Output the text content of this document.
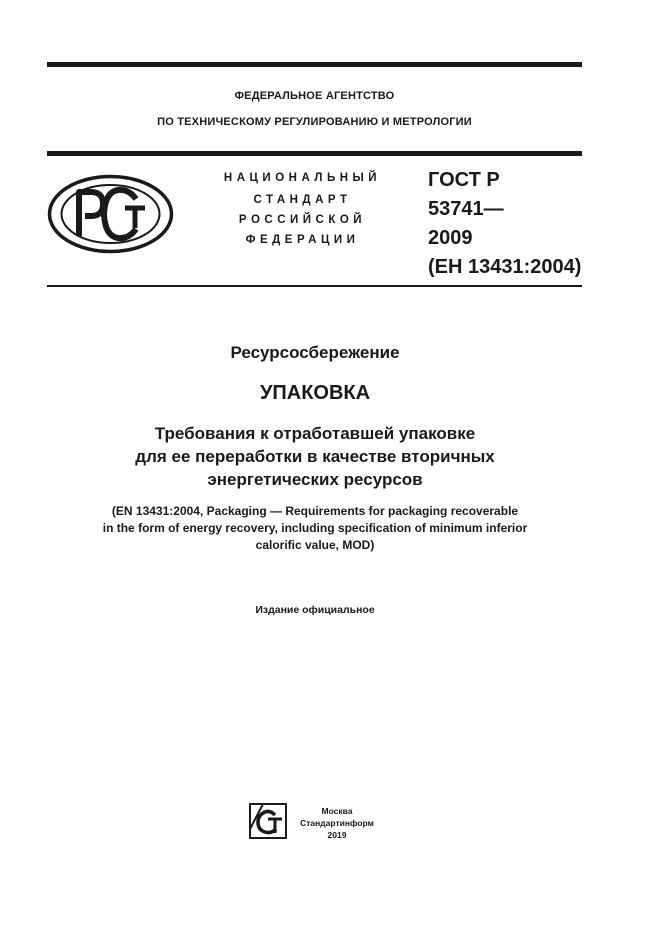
ФЕДЕРАЛЬНОЕ АГЕНТСТВО
ПО ТЕХНИЧЕСКОМУ РЕГУЛИРОВАНИЮ И МЕТРОЛОГИИ
НАЦИОНАЛЬНЫЙ
СТАНДАРТ
РОССИЙСКОЙ
ФЕДЕРАЦИИ
ГОСТ Р
53741—
2009
(ЕН 13431:2004)
Ресурсосбережение
УПАКОВКА
Требования к отработавшей упаковке
для ее переработки в качестве вторичных
энергетических ресурсов
(EN 13431:2004, Packaging — Requirements for packaging recoverable
in the form of energy recovery, including specification of minimum inferior
calorific value, MOD)
Издание официальное
Москва
Стандартинформ
2019
